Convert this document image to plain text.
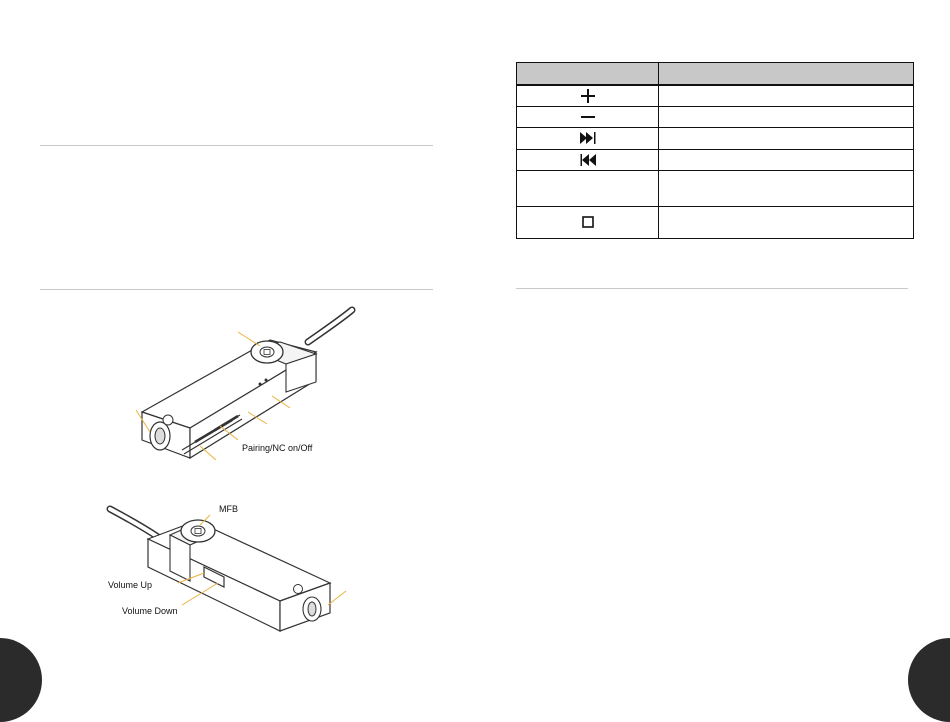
Pairing/NC on/Off
MFB
Volume Up
Volume Down
